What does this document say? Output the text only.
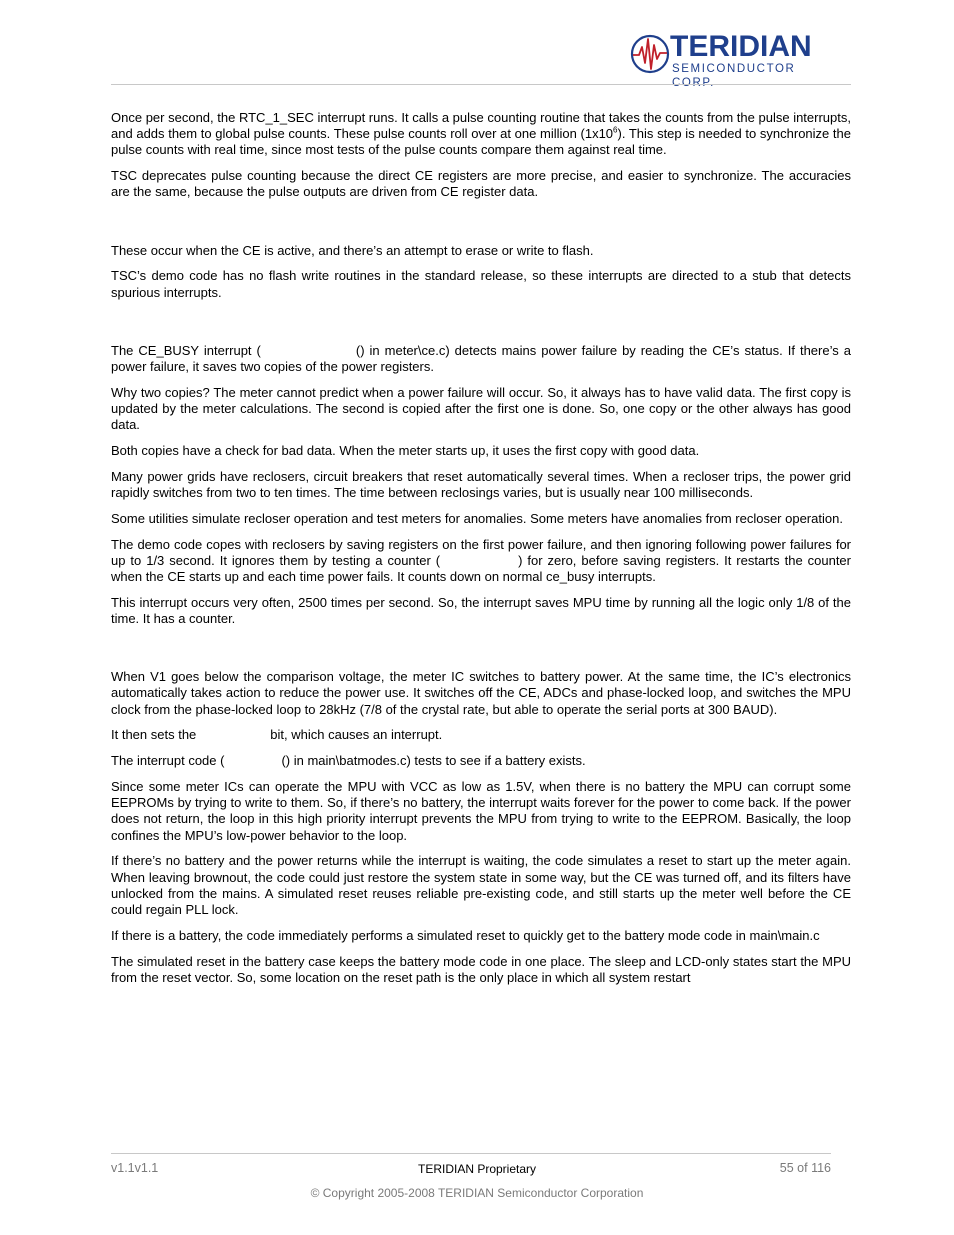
TERIDIAN
SEMICONDUCTOR CORP.

Once per second, the RTC_1_SEC interrupt runs. It calls a pulse counting routine that takes the counts from the pulse interrupts, and adds them to global pulse counts. These pulse counts roll over at one million $(1x10^6)$. This step is needed to synchronize the pulse counts with real time, since most tests of the pulse counts compare them against real time.

TSC deprecates pulse counting because the direct CE registers are more precise, and easier to synchronize. The accuracies are the same, because the pulse outputs are driven from CE register data.

These occur when the CE is active, and there’s an attempt to erase or write to flash.

TSC’s demo code has no flash write routines in the standard release, so these interrupts are directed to a stub that detects spurious interrupts.

The CE_BUSY interrupt (	() in meter\ce.c) detects mains power failure by reading the CE’s status. If there’s a power failure, it saves two copies of the power registers.

Why two copies? The meter cannot predict when a power failure will occur. So, it always has to have valid data. The first copy is updated by the meter calculations. The second is copied after the first one is done. So, one copy or the other always has good data.

Both copies have a check for bad data. When the meter starts up, it uses the first copy with good data.

Many power grids have reclosers, circuit breakers that reset automatically several times. When a recloser trips, the power grid rapidly switches from two to ten times. The time between reclosings varies, but is usually near 100 milliseconds.

Some utilities simulate recloser operation and test meters for anomalies. Some meters have anomalies from recloser operation.

The demo code copes with reclosers by saving registers on the first power failure, and then ignoring following power failures for up to 1/3 second. It ignores them by testing a counter (	) for zero, before saving registers. It restarts the counter when the CE starts up and each time power fails. It counts down on normal ce_busy interrupts.

This interrupt occurs very often, 2500 times per second. So, the interrupt saves MPU time by running all the logic only 1/8 of the time. It has a counter.

When V1 goes below the comparison voltage, the meter IC switches to battery power. At the same time, the IC’s electronics automatically takes action to reduce the power use. It switches off the CE, ADCs and phase-locked loop, and switches the MPU clock from the phase-locked loop to 28kHz (7/8 of the crystal rate, but able to operate the serial ports at 300 BAUD).

It then sets the	bit, which causes an interrupt.

The interrupt code (	() in main\batmodes.c) tests to see if a battery exists.

Since some meter ICs can operate the MPU with VCC as low as 1.5V, when there is no battery the MPU can corrupt some EEPROMs by trying to write to them. So, if there’s no battery, the interrupt waits forever for the power to come back. If the power does not return, the loop in this high priority interrupt prevents the MPU from trying to write to the EEPROM. Basically, the loop confines the MPU’s low-power behavior to the loop.

If there’s no battery and the power returns while the interrupt is waiting, the code simulates a reset to start up the meter again. When leaving brownout, the code could just restore the system state in some way, but the CE was turned off, and its filters have unlocked from the mains. A simulated reset reuses reliable pre-existing code, and still starts up the meter well before the CE could regain PLL lock.

If there is a battery, the code immediately performs a simulated reset to quickly get to the battery mode code in main\main.c

The simulated reset in the battery case keeps the battery mode code in one place. The sleep and LCD-only states start the MPU from the reset vector. So, some location on the reset path is the only place in which all system restart

v1.1v1.1	TERIDIAN Proprietary	55 of 116
© Copyright 2005-2008 TERIDIAN Semiconductor Corporation
